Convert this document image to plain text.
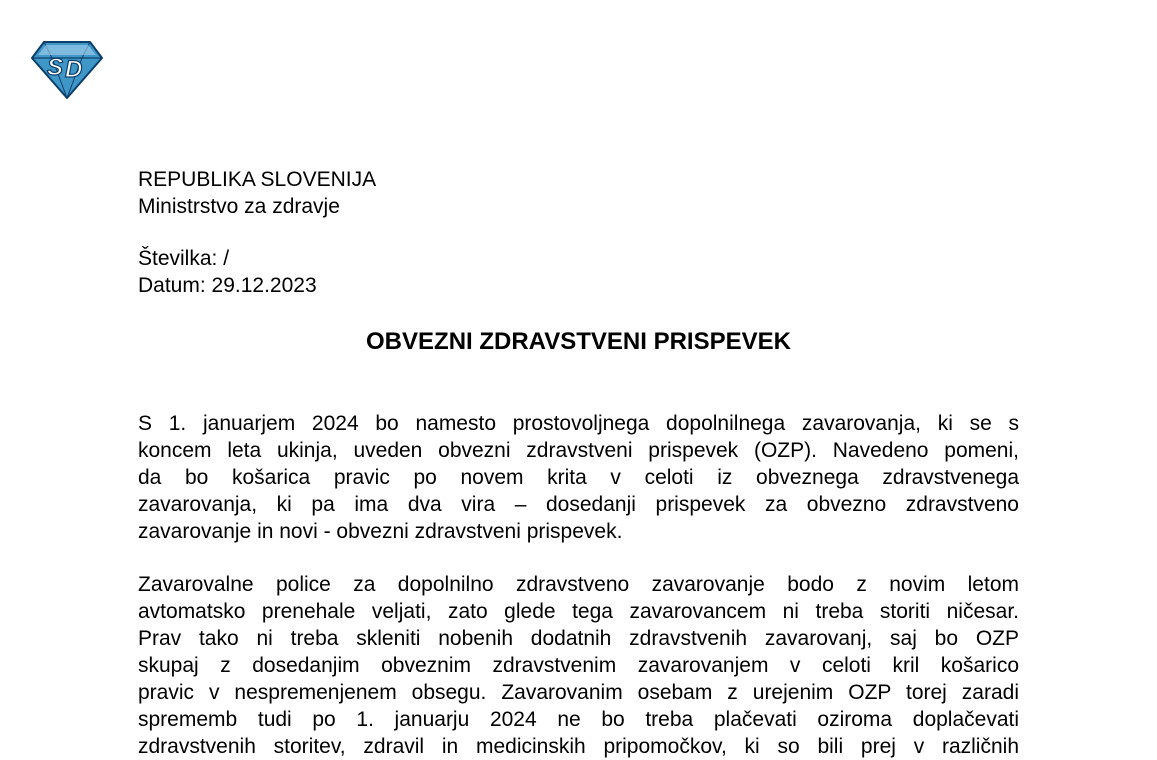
S D
REPUBLIKA SLOVENIJA
Ministrstvo za zdravje
Številka: /
Datum: 29.12.2023
OBVEZNI ZDRAVSTVENI PRISPEVEK
S 1. januarjem 2024 bo namesto prostovoljnega dopolnilnega zavarovanja, ki se s
koncem leta ukinja, uveden obvezni zdravstveni prispevek (OZP). Navedeno pomeni,
da bo košarica pravic po novem krita v celoti iz obveznega zdravstvenega
zavarovanja, ki pa ima dva vira – dosedanji prispevek za obvezno zdravstveno
zavarovanje in novi - obvezni zdravstveni prispevek.
Zavarovalne police za dopolnilno zdravstveno zavarovanje bodo z novim letom
avtomatsko prenehale veljati, zato glede tega zavarovancem ni treba storiti ničesar.
Prav tako ni treba skleniti nobenih dodatnih zdravstvenih zavarovanj, saj bo OZP
skupaj z dosedanjim obveznim zdravstvenim zavarovanjem v celoti kril košarico
pravic v nespremenjenem obsegu. Zavarovanim osebam z urejenim OZP torej zaradi
sprememb tudi po 1. januarju 2024 ne bo treba plačevati oziroma doplačevati
zdravstvenih storitev, zdravil in medicinskih pripomočkov, ki so bili prej v različnih
